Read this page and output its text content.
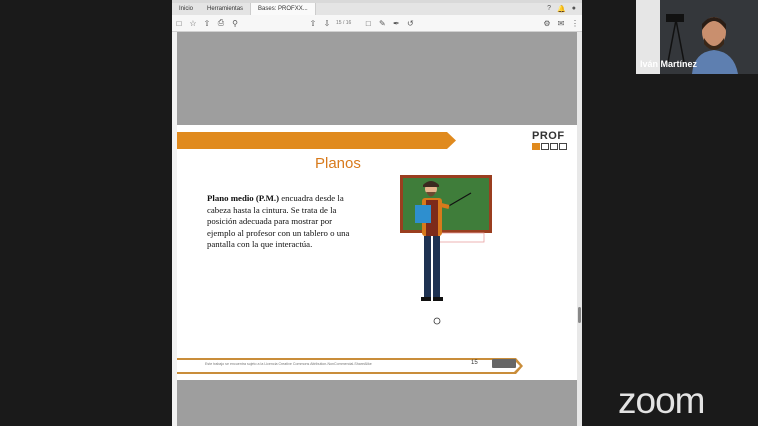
Inicio	Herramientas	Bases: PROFXX...	? 🔔 ●
□ ☆ ⇧ ⎙ ⚲	⇧ ⇩	15 / 16	□	✎ ✒ ↺	⚙ ✉ ⋮
PROF
Planos
Plano medio (P.M.) encuadra desde la cabeza hasta la cintura. Se trata de la posición adecuada para mostrar por ejemplo al profesor con un tablero o una pantalla con la que interactúa.
Este trabajo se encuentra sujeto a la Licencia Creative Commons Attribution-NonCommercial-ShareAlike	15
Iván Martínez
zoom
